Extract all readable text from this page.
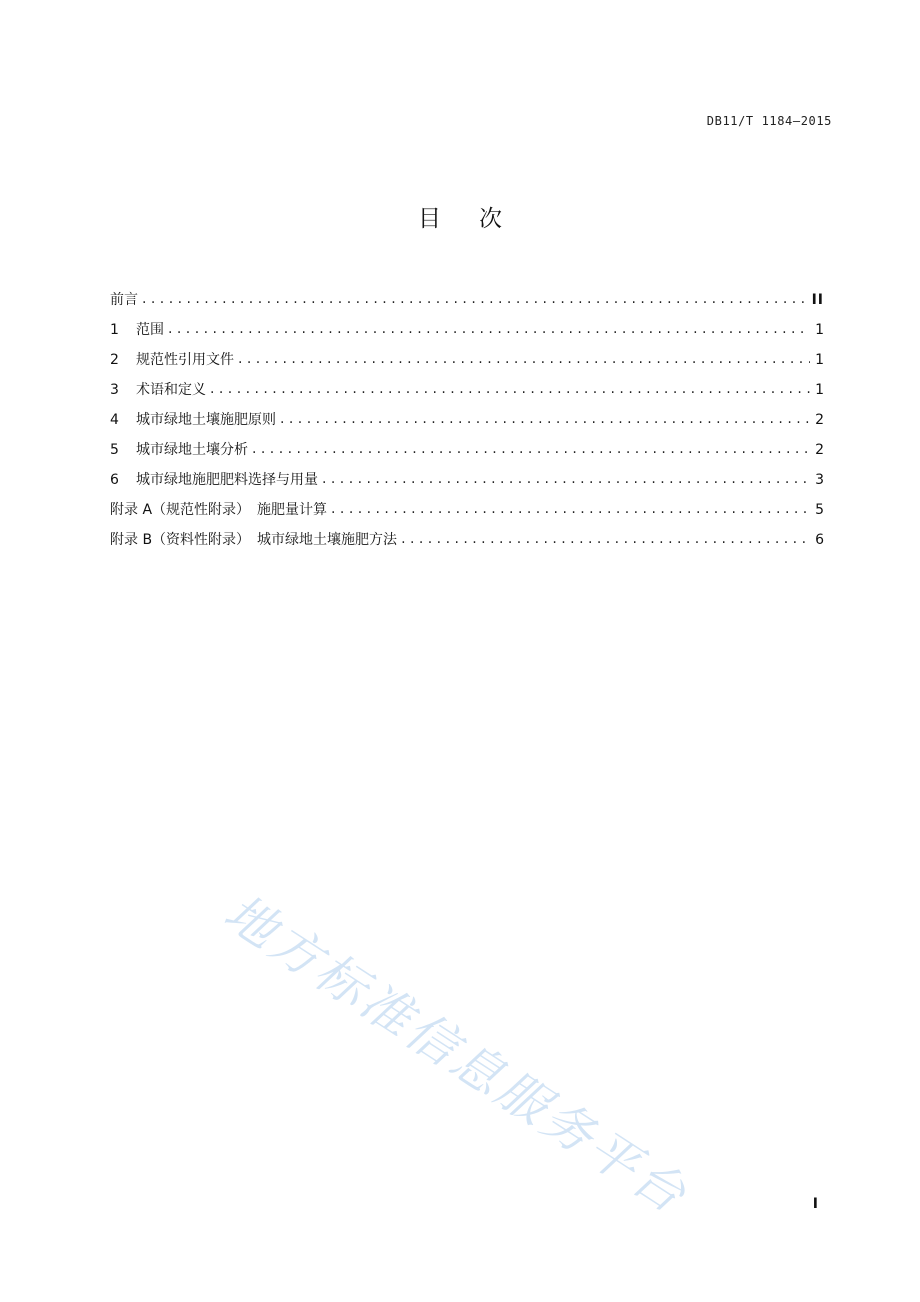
DB11/T 1184—2015
目次
前言 . . .	II
1	范围 . . .	1
2	规范性引用文件 . . .	1
3	术语和定义 . . .	1
4	城市绿地土壤施肥原则 . . .	2
5	城市绿地土壤分析 . . .	2
6	城市绿地施肥肥料选择与用量 . . .	3
附录 A（规范性附录）　施肥量计算 . . .	5
附录 B（资料性附录）　城市绿地土壤施肥方法 . . .	6
地方标准信息服务平台	I
